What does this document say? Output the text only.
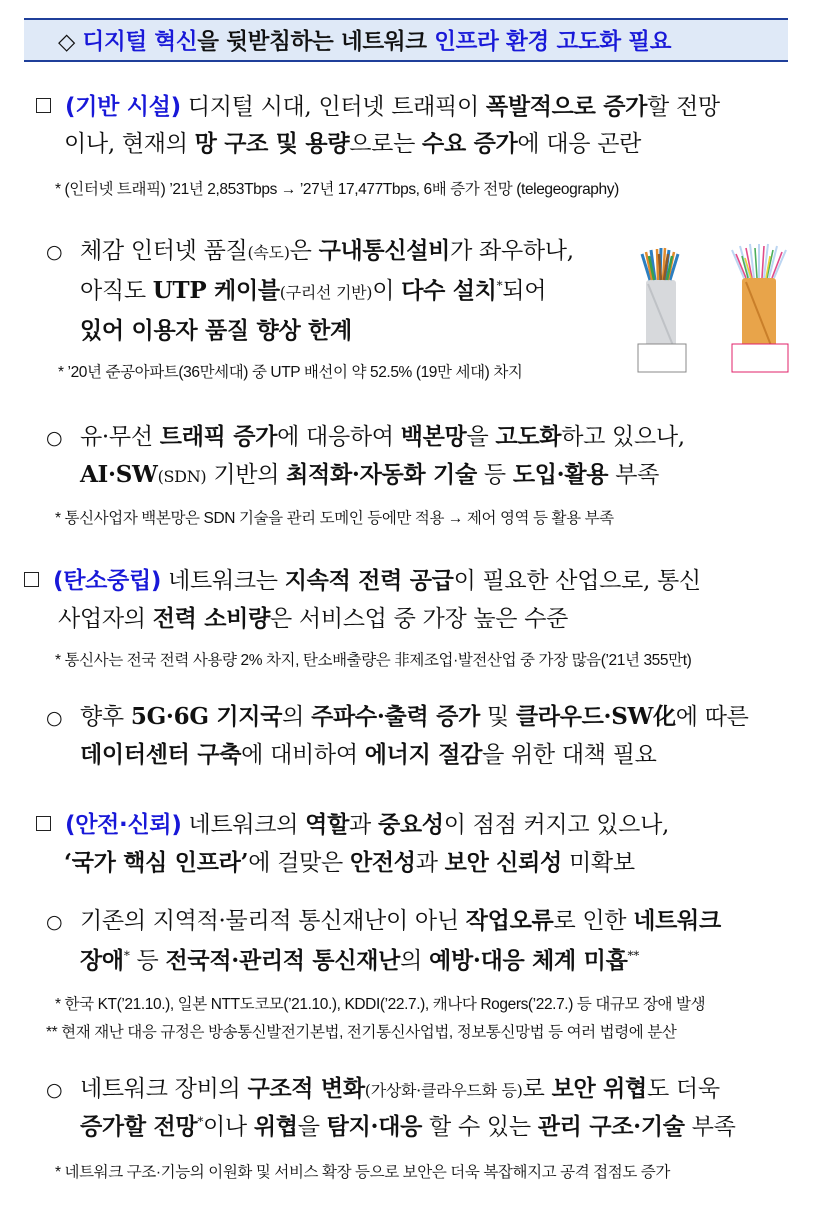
◇ 디지털 혁신을 뒷받침하는 네트워크 인프라 환경 고도화 필요
(기반 시설) 디지털 시대, 인터넷 트래픽이 폭발적으로 증가할 전망
이나, 현재의 망 구조 및 용량으로는 수요 증가에 대응 곤란
* (인터넷 트래픽) ’21년 2,853Tbps → ’27년 17,477Tbps, 6배 증가 전망 (telegeography)
○ 체감 인터넷 품질(속도)은 구내통신설비가 좌우하나,
아직도 UTP 케이블(구리선 기반)이 다수 설치*되어
있어 이용자 품질 향상 한계
* ’20년 준공아파트(36만세대) 중 UTP 배선이 약 52.5% (19만 세대) 차지
○ 유·무선 트래픽 증가에 대응하여 백본망을 고도화하고 있으나,
AI·SW(SDN) 기반의 최적화·자동화 기술 등 도입·활용 부족
* 통신사업자 백본망은 SDN 기술을 관리 도메인 등에만 적용 → 제어 영역 등 활용 부족
(탄소중립) 네트워크는 지속적 전력 공급이 필요한 산업으로, 통신
사업자의 전력 소비량은 서비스업 중 가장 높은 수준
* 통신사는 전국 전력 사용량 2% 차지, 탄소배출량은 非제조업·발전산업 중 가장 많음(’21년 355만t)
○ 향후 5G·6G 기지국의 주파수·출력 증가 및 클라우드·SW化에 따른
데이터센터 구축에 대비하여 에너지 절감을 위한 대책 필요
(안전·신뢰) 네트워크의 역할과 중요성이 점점 커지고 있으나,
‘국가 핵심 인프라’에 걸맞은 안전성과 보안 신뢰성 미확보
○ 기존의 지역적·물리적 통신재난이 아닌 작업오류로 인한 네트워크
장애* 등 전국적·관리적 통신재난의 예방·대응 체계 미흡**
* 한국 KT(’21.10.), 일본 NTT도코모(’21.10.), KDDI(’22.7.), 캐나다 Rogers(’22.7.) 등 대규모 장애 발생
** 현재 재난 대응 규정은 방송통신발전기본법, 전기통신사업법, 정보통신망법 등 여러 법령에 분산
○ 네트워크 장비의 구조적 변화(가상화·클라우드화 등)로 보안 위협도 더욱
증가할 전망*이나 위협을 탐지·대응 할 수 있는 관리 구조·기술 부족
* 네트워크 구조·기능의 이원화 및 서비스 확장 등으로 보안은 더욱 복잡해지고 공격 접점도 증가
